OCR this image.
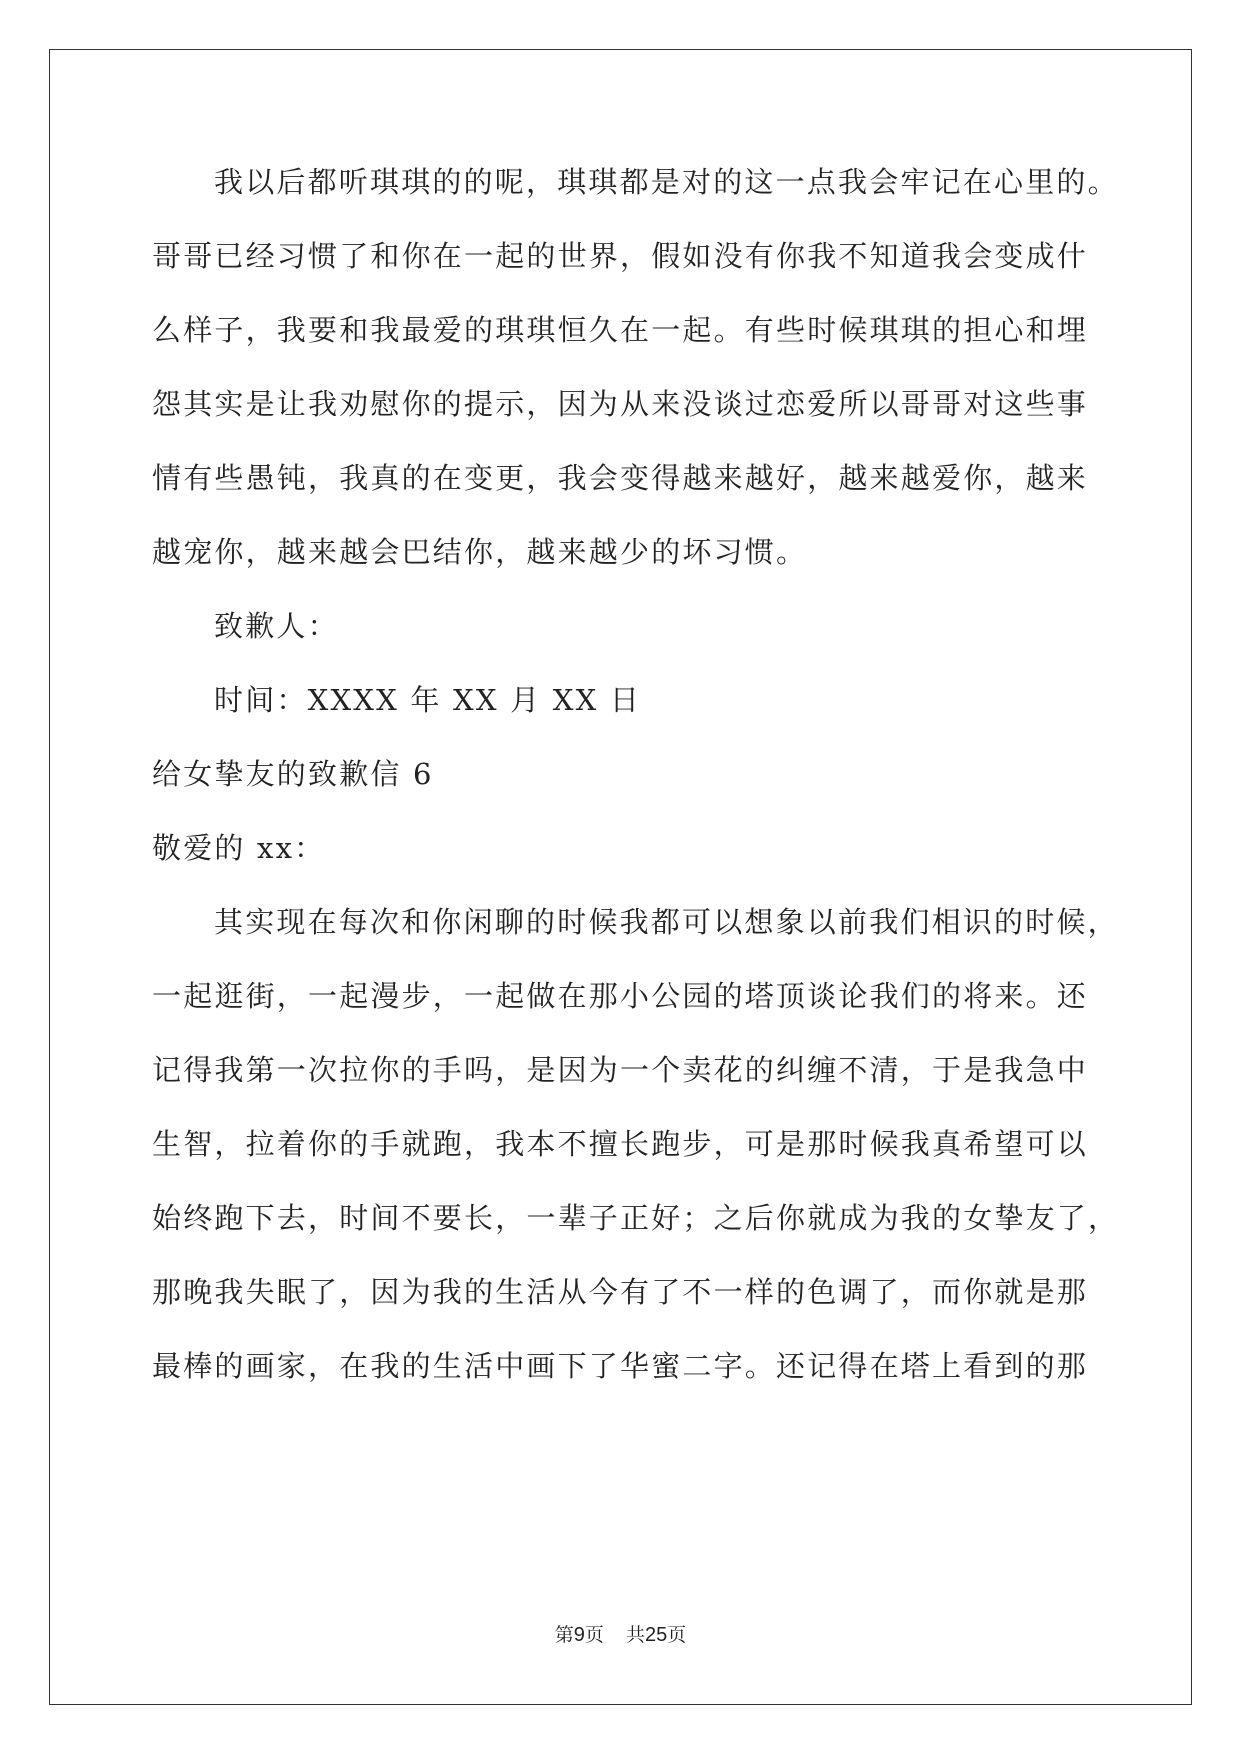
我以后都听琪琪的的呢，琪琪都是对的这一点我会牢记在心里的。
哥哥已经习惯了和你在一起的世界，假如没有你我不知道我会变成什
么样子，我要和我最爱的琪琪恒久在一起。有些时候琪琪的担心和埋
怨其实是让我劝慰你的提示，因为从来没谈过恋爱所以哥哥对这些事
情有些愚钝，我真的在变更，我会变得越来越好，越来越爱你，越来
越宠你，越来越会巴结你，越来越少的坏习惯。
致歉人：
时间：XXXX 年 XX 月 XX 日
给女挚友的致歉信 6
敬爱的 xx：
其实现在每次和你闲聊的时候我都可以想象以前我们相识的时候，
一起逛街，一起漫步，一起做在那小公园的塔顶谈论我们的将来。还
记得我第一次拉你的手吗，是因为一个卖花的纠缠不清，于是我急中
生智，拉着你的手就跑，我本不擅长跑步，可是那时候我真希望可以
始终跑下去，时间不要长，一辈子正好；之后你就成为我的女挚友了，
那晚我失眠了，因为我的生活从今有了不一样的色调了，而你就是那
最棒的画家，在我的生活中画下了华蜜二字。还记得在塔上看到的那
第9页 共25页
